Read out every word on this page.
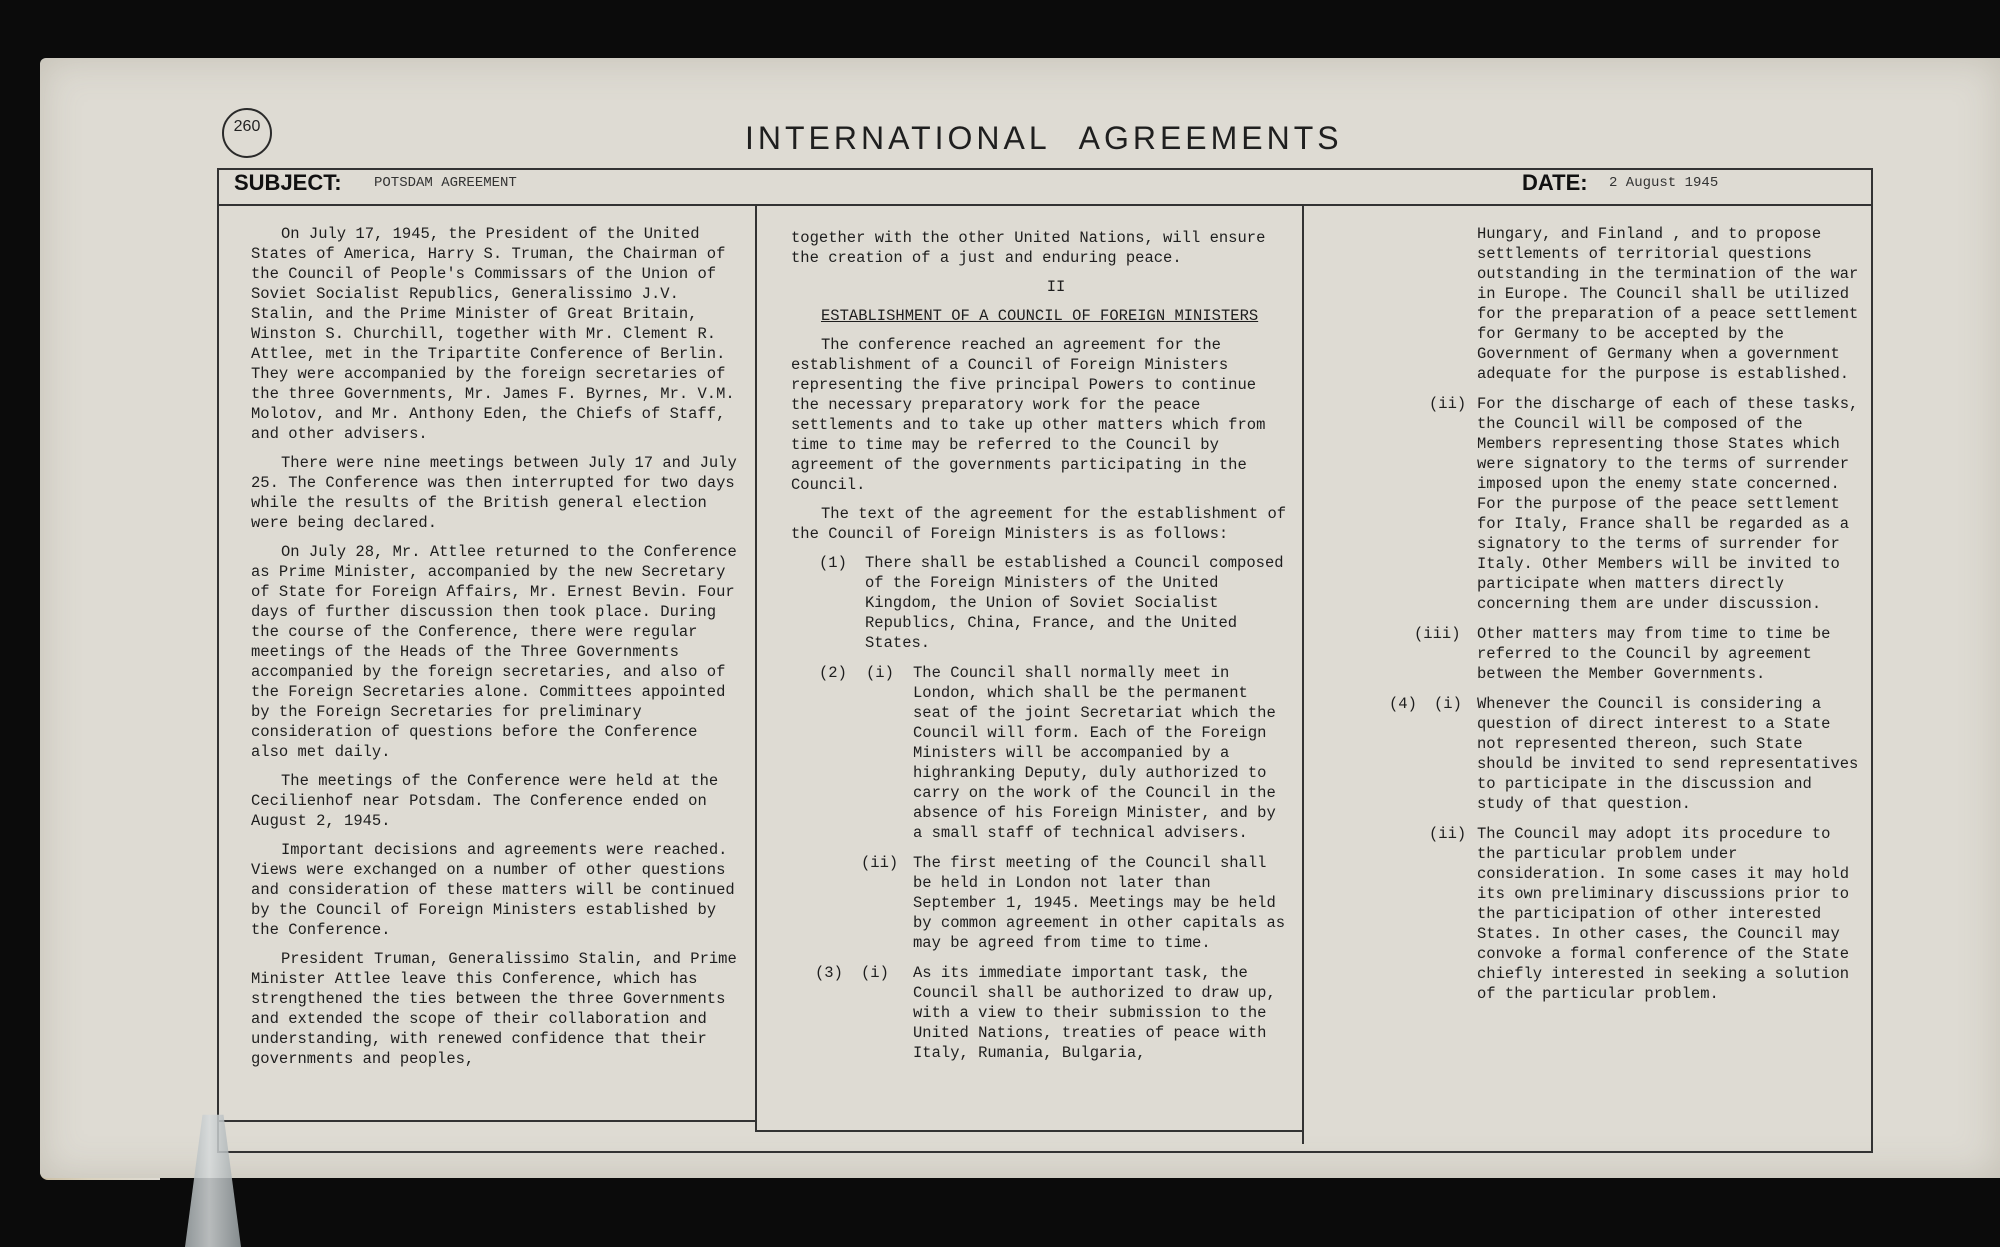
260	INTERNATIONAL AGREEMENTS
SUBJECT: POTSDAM AGREEMENT	DATE: 2 August 1945

On July 17, 1945, the President of the United States of America, Harry S. Truman, the Chairman of the Council of People's Commissars of the Union of Soviet Socialist Republics, Generalissimo J.V. Stalin, and the Prime Minister of Great Britain, Winston S. Churchill, together with Mr. Clement R. Attlee, met in the Tripartite Conference of Berlin. They were accompanied by the foreign secretaries of the three Governments, Mr. James F. Byrnes, Mr. V.M. Molotov, and Mr. Anthony Eden, the Chiefs of Staff, and other advisers.

There were nine meetings between July 17 and July 25. The Conference was then interrupted for two days while the results of the British general election were being declared.

On July 28, Mr. Attlee returned to the Conference as Prime Minister, accompanied by the new Secretary of State for Foreign Affairs, Mr. Ernest Bevin. Four days of further discussion then took place. During the course of the Conference, there were regular meetings of the Heads of the Three Governments accompanied by the foreign secretaries, and also of the Foreign Secretaries alone. Committees appointed by the Foreign Secretaries for preliminary consideration of questions before the Conference also met daily.

The meetings of the Conference were held at the Cecilienhof near Potsdam. The Conference ended on August 2, 1945.

Important decisions and agreements were reached. Views were exchanged on a number of other questions and consideration of these matters will be continued by the Council of Foreign Ministers established by the Conference.

President Truman, Generalissimo Stalin, and Prime Minister Attlee leave this Conference, which has strengthened the ties between the three Governments and extended the scope of their collaboration and understanding, with renewed confidence that their governments and peoples,

together with the other United Nations, will ensure the creation of a just and enduring peace.

II

ESTABLISHMENT OF A COUNCIL OF FOREIGN MINISTERS

The conference reached an agreement for the establishment of a Council of Foreign Ministers representing the five principal Powers to continue the necessary preparatory work for the peace settlements and to take up other matters which from time to time may be referred to the Council by agreement of the governments participating in the Council.

The text of the agreement for the establishment of the Council of Foreign Ministers is as follows:

(1)	There shall be established a Council composed of the Foreign Ministers of the United Kingdom, the Union of Soviet Socialist Republics, China, France, and the United States.
(2) (i) The Council shall normally meet in London, which shall be the permanent seat of the joint Secretariat which the Council will form. Each of the Foreign Ministers will be accompanied by a highranking Deputy, duly authorized to carry on the work of the Council in the absence of his Foreign Minister, and by a small staff of technical advisers.
(ii) The first meeting of the Council shall be held in London not later than September 1, 1945. Meetings may be held by common agreement in other capitals as may be agreed from time to time.
(3) (i) As its immediate important task, the Council shall be authorized to draw up, with a view to their submission to the United Nations, treaties of peace with Italy, Rumania, Bulgaria,
Hungary, and Finland , and to propose settlements of territorial questions outstanding in the termination of the war in Europe. The Council shall be utilized for the preparation of a peace settlement for Germany to be accepted by the Government of Germany when a government adequate for the purpose is established.
(ii) For the discharge of each of these tasks, the Council will be composed of the Members representing those States which were signatory to the terms of surrender imposed upon the enemy state concerned. For the purpose of the peace settlement for Italy, France shall be regarded as a signatory to the terms of surrender for Italy. Other Members will be invited to participate when matters directly concerning them are under discussion.
(iii) Other matters may from time to time be referred to the Council by agreement between the Member Governments.
(4) (i) Whenever the Council is considering a question of direct interest to a State not represented thereon, such State should be invited to send representatives to participate in the discussion and study of that question.
(ii) The Council may adopt its procedure to the particular problem under consideration. In some cases it may hold its own preliminary discussions prior to the participation of other interested States. In other cases, the Council may convoke a formal conference of the State chiefly interested in seeking a solution of the particular problem.
